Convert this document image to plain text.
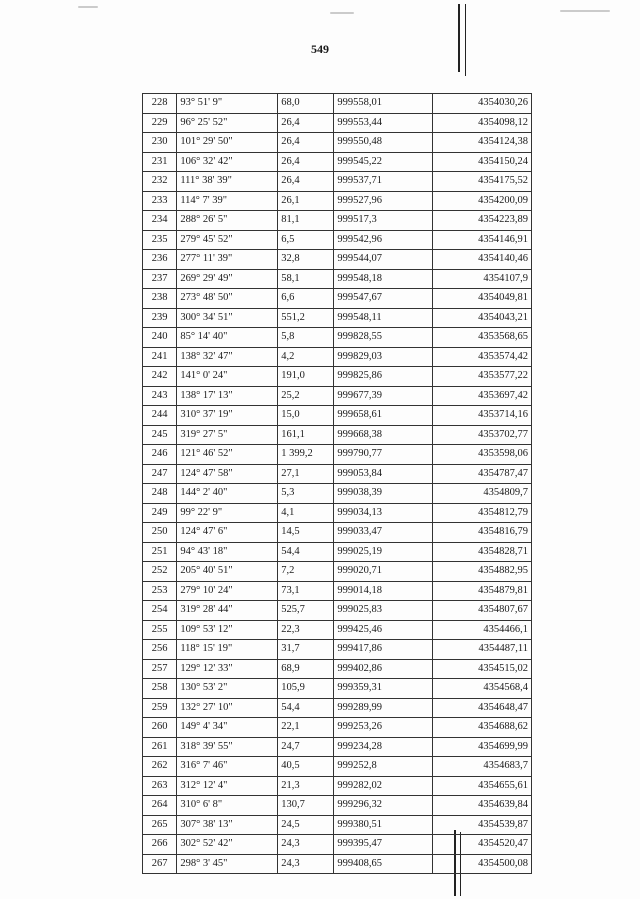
549
228	93° 51' 9"	68,0	999558,01	4354030,26
229	96° 25' 52"	26,4	999553,44	4354098,12
230	101° 29' 50"	26,4	999550,48	4354124,38
231	106° 32' 42"	26,4	999545,22	4354150,24
232	111° 38' 39"	26,4	999537,71	4354175,52
233	114° 7' 39"	26,1	999527,96	4354200,09
234	288° 26' 5"	81,1	999517,3	4354223,89
235	279° 45' 52"	6,5	999542,96	4354146,91
236	277° 11' 39"	32,8	999544,07	4354140,46
237	269° 29' 49"	58,1	999548,18	4354107,9
238	273° 48' 50"	6,6	999547,67	4354049,81
239	300° 34' 51"	551,2	999548,11	4354043,21
240	85° 14' 40"	5,8	999828,55	4353568,65
241	138° 32' 47"	4,2	999829,03	4353574,42
242	141° 0' 24"	191,0	999825,86	4353577,22
243	138° 17' 13"	25,2	999677,39	4353697,42
244	310° 37' 19"	15,0	999658,61	4353714,16
245	319° 27' 5"	161,1	999668,38	4353702,77
246	121° 46' 52"	1 399,2	999790,77	4353598,06
247	124° 47' 58"	27,1	999053,84	4354787,47
248	144° 2' 40"	5,3	999038,39	4354809,7
249	99° 22' 9"	4,1	999034,13	4354812,79
250	124° 47' 6"	14,5	999033,47	4354816,79
251	94° 43' 18"	54,4	999025,19	4354828,71
252	205° 40' 51"	7,2	999020,71	4354882,95
253	279° 10' 24"	73,1	999014,18	4354879,81
254	319° 28' 44"	525,7	999025,83	4354807,67
255	109° 53' 12"	22,3	999425,46	4354466,1
256	118° 15' 19"	31,7	999417,86	4354487,11
257	129° 12' 33"	68,9	999402,86	4354515,02
258	130° 53' 2"	105,9	999359,31	4354568,4
259	132° 27' 10"	54,4	999289,99	4354648,47
260	149° 4' 34"	22,1	999253,26	4354688,62
261	318° 39' 55"	24,7	999234,28	4354699,99
262	316° 7' 46"	40,5	999252,8	4354683,7
263	312° 12' 4"	21,3	999282,02	4354655,61
264	310° 6' 8"	130,7	999296,32	4354639,84
265	307° 38' 13"	24,5	999380,51	4354539,87
266	302° 52' 42"	24,3	999395,47	4354520,47
267	298° 3' 45"	24,3	999408,65	4354500,08
